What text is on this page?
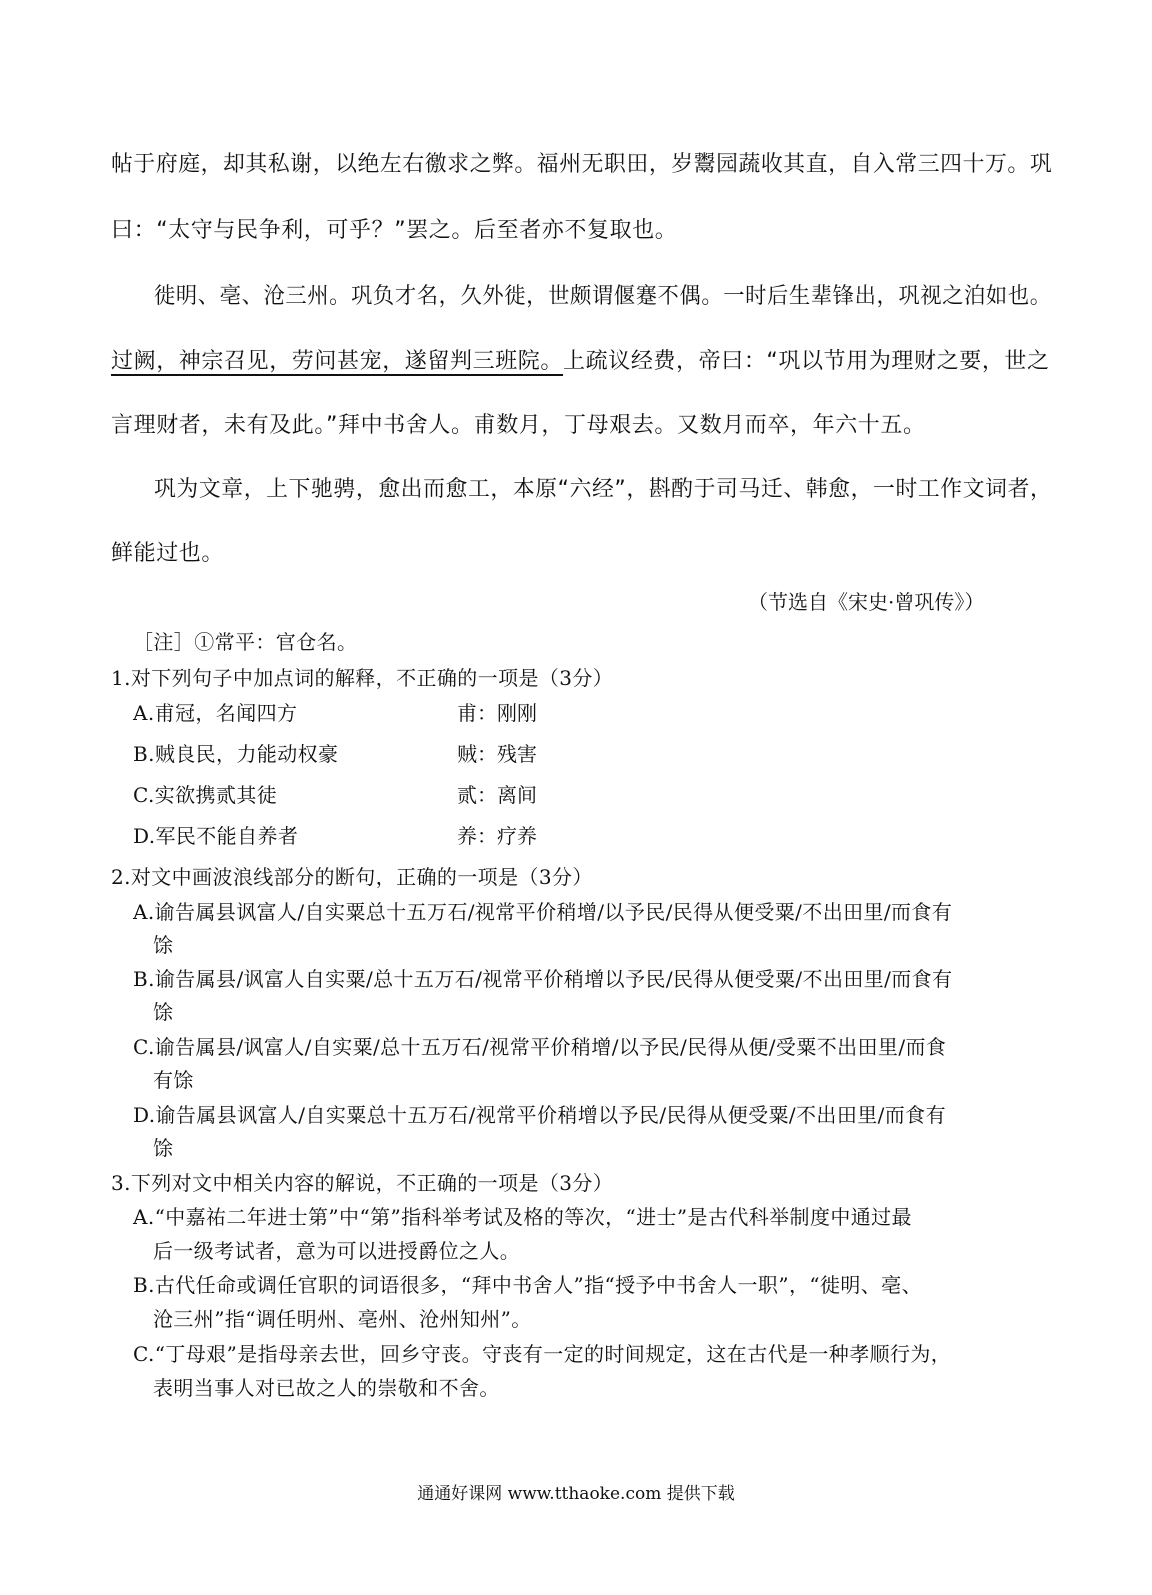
帖于府庭，却其私谢，以绝左右徼求之弊。福州无职田，岁鬻园蔬收其直，自入常三四十万。巩
曰：“太守与民争利，可乎？”罢之。后至者亦不复取也。
徙明、亳、沧三州。巩负才名，久外徙，世颇谓偃蹇不偶。一时后生辈锋出，巩视之泊如也。
过阙，神宗召见，劳问甚宠，遂留判三班院。上疏议经费，帝曰：“巩以节用为理财之要，世之
言理财者，未有及此。”拜中书舍人。甫数月，丁母艰去。又数月而卒，年六十五。
巩为文章，上下驰骋，愈出而愈工，本原“六经”，斟酌于司马迁、韩愈，一时工作文词者，
鲜能过也。
（节选自《宋史·曾巩传》）
［注］①常平：官仓名。
1.对下列句子中加点词的解释，不正确的一项是（3分）
A.甫冠，名闻四方	甫：刚刚
B.贼良民，力能动权豪	贼：残害
C.实欲携贰其徒	贰：离间
D.军民不能自养者	养：疗养
2.对文中画波浪线部分的断句，正确的一项是（3分）
A.谕告属县讽富人/自实粟总十五万石/视常平价稍增/以予民/民得从便受粟/不出田里/而食有
馀
B.谕告属县/讽富人自实粟/总十五万石/视常平价稍增以予民/民得从便受粟/不出田里/而食有
馀
C.谕告属县/讽富人/自实粟/总十五万石/视常平价稍增/以予民/民得从便/受粟不出田里/而食
有馀
D.谕告属县讽富人/自实粟总十五万石/视常平价稍增以予民/民得从便受粟/不出田里/而食有
馀
3.下列对文中相关内容的解说，不正确的一项是（3分）
A.“中嘉祐二年进士第”中“第”指科举考试及格的等次，“进士”是古代科举制度中通过最
后一级考试者，意为可以进授爵位之人。
B.古代任命或调任官职的词语很多，“拜中书舍人”指“授予中书舍人一职”，“徙明、亳、
沧三州”指“调任明州、亳州、沧州知州”。
C.“丁母艰”是指母亲去世，回乡守丧。守丧有一定的时间规定，这在古代是一种孝顺行为，
表明当事人对已故之人的崇敬和不舍。
通通好课网 www.tthaoke.com 提供下载
